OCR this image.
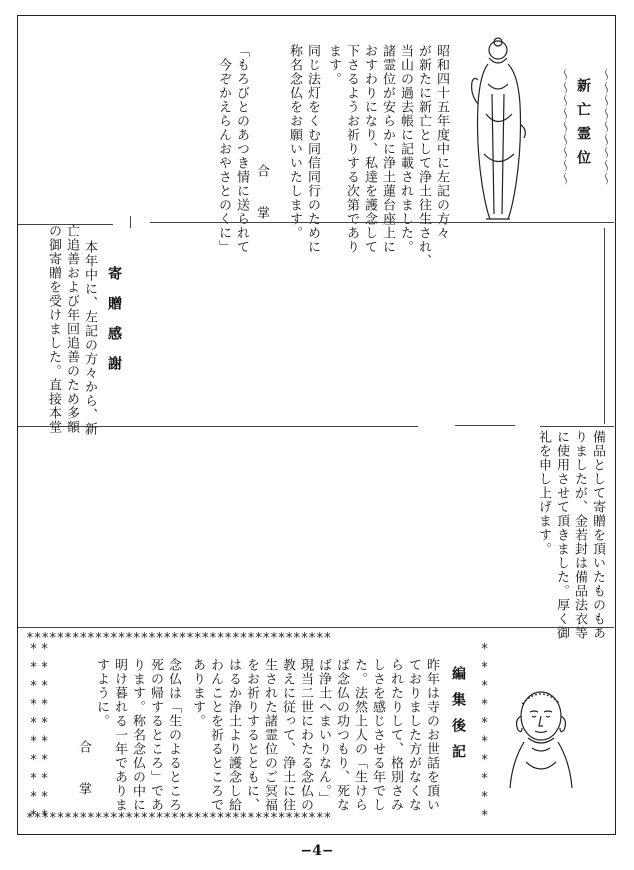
〜〜〜〜〜〜〜〜〜 新亡霊位 〜〜〜〜〜〜〜〜〜
昭和四十五年度中に左記の方々
が新たに新亡として浄土往生され、
当山の過去帳に記載されました。
諸霊位が安らかに浄土蓮台座上に
おすわりになり、私達を護念して
下さるようお祈りする次第であり
ます。
同じ法灯をくむ同信同行のために
称名念仏をお願いいたします。
合　　掌
「もろびとのあつき情に送られて
　今ぞかえらんおやさとのくに」
寄贈感謝
本年中に、左記の方々から、新
亡追善および年回追善のため多額
の御寄贈を受けました。直接本堂
備品として寄贈を頂いたものもあ
りましたが、金若封は備品法衣等
に使用させて頂きました。厚く御
礼を申し上げます。
****************************************
****************************************
**********
**********	**********
編集後記
昨年は寺のお世話を頂い
ておりました方がなくな
られたりして、格別さみ
しさを感じさせる年でし
た。法然上人の「生けら
ば念仏の功つもり、死な
ば浄土へまいりなん。」
現当二世にわたる念仏の
教えに従って、浄土に往
生された諸霊位のご冥福
をお祈りするとともに、
はるか浄土より護念し給
わんことを祈るところで
あります。
念仏は「生のよるところ
死の帰するところ」であ
ります。称名念仏の中に
明け暮れる一年でありま
すように。
合　　掌
−4−
